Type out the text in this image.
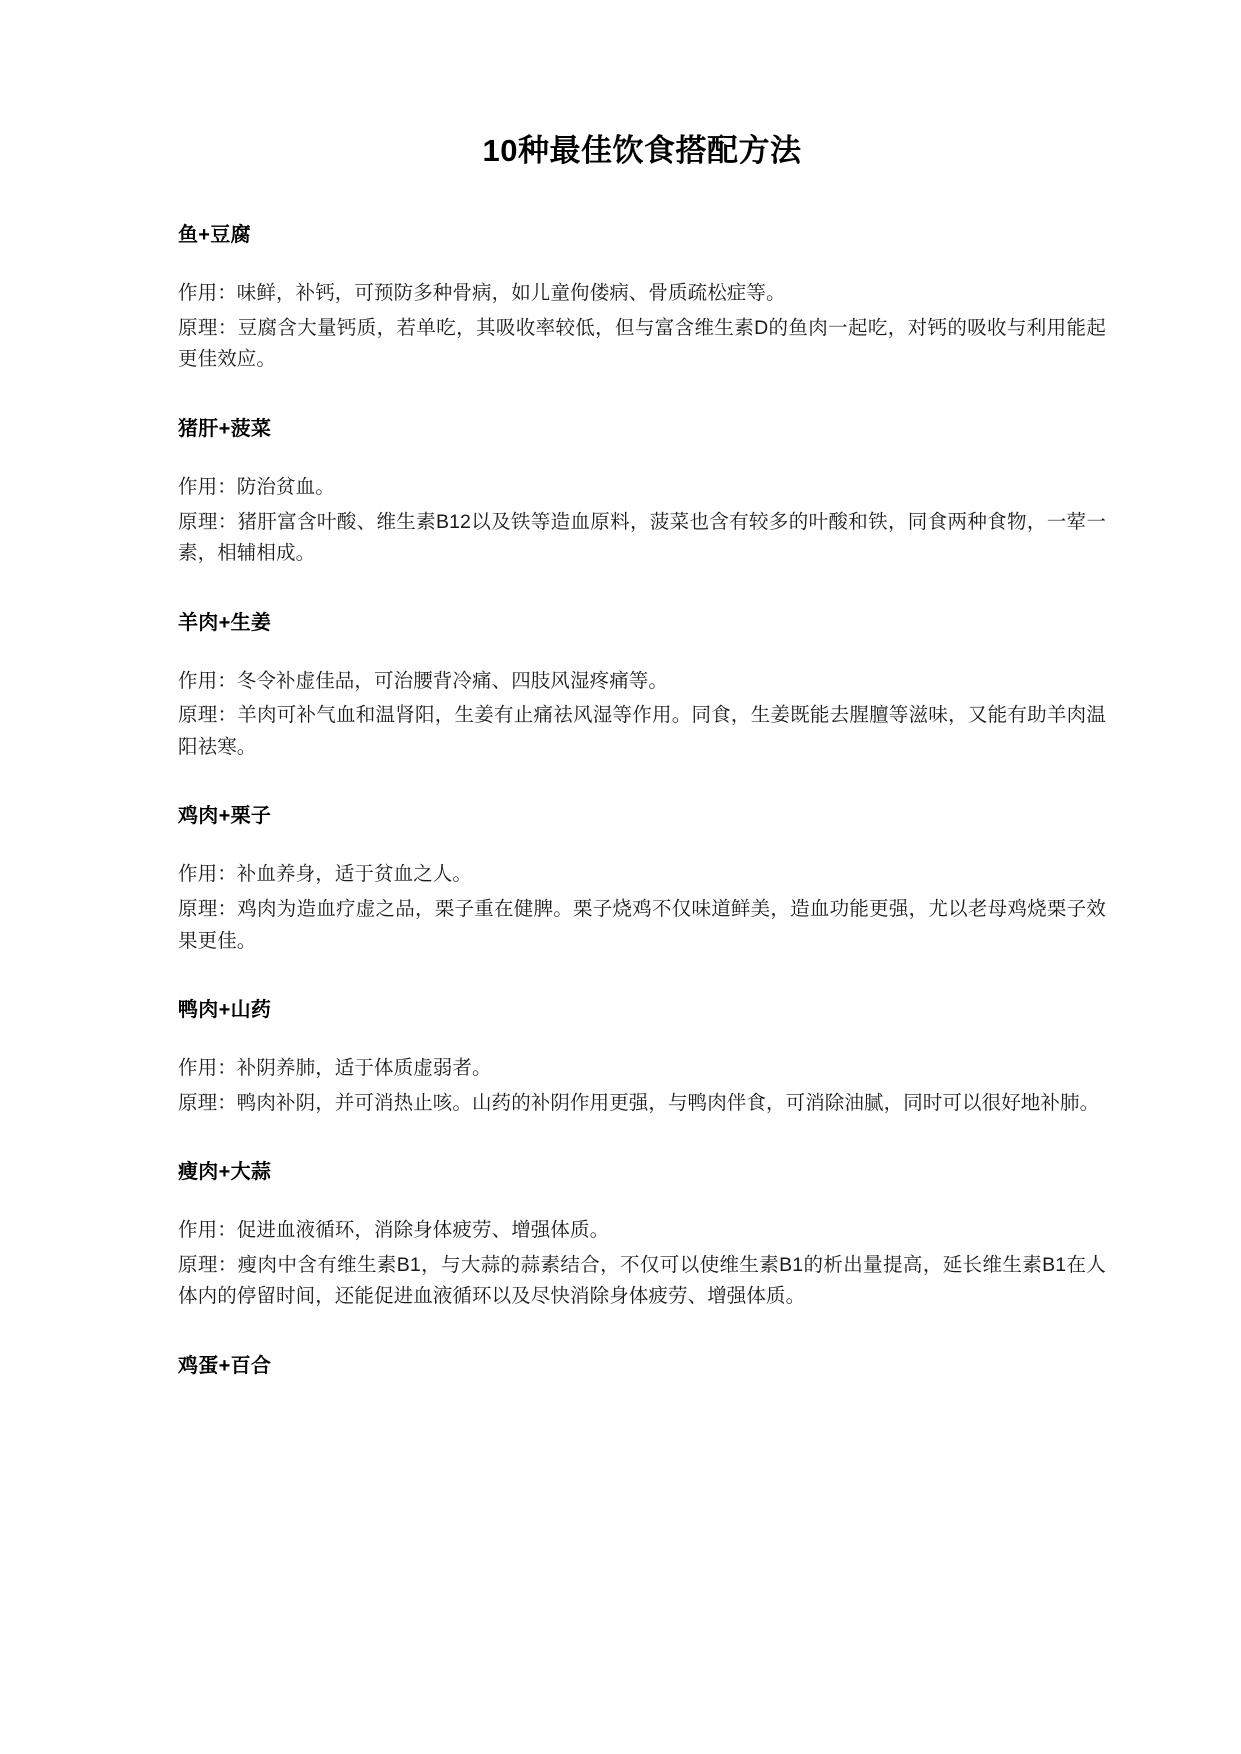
10种最佳饮食搭配方法
鱼+豆腐

作用：味鲜，补钙，可预防多种骨病，如儿童佝偻病、骨质疏松症等。

原理：豆腐含大量钙质，若单吃，其吸收率较低，但与富含维生素D的鱼肉一起吃，对钙的吸收与利用能起更佳效应。

猪肝+菠菜

作用：防治贫血。

原理：猪肝富含叶酸、维生素B12以及铁等造血原料，菠菜也含有较多的叶酸和铁，同食两种食物，一荤一素，相辅相成。

羊肉+生姜

作用：冬令补虚佳品，可治腰背冷痛、四肢风湿疼痛等。

原理：羊肉可补气血和温肾阳，生姜有止痛祛风湿等作用。同食，生姜既能去腥膻等滋味，又能有助羊肉温阳祛寒。

鸡肉+栗子

作用：补血养身，适于贫血之人。

原理：鸡肉为造血疗虚之品，栗子重在健脾。栗子烧鸡不仅味道鲜美，造血功能更强，尤以老母鸡烧栗子效果更佳。

鸭肉+山药

作用：补阴养肺，适于体质虚弱者。

原理：鸭肉补阴，并可消热止咳。山药的补阴作用更强，与鸭肉伴食，可消除油腻，同时可以很好地补肺。

瘦肉+大蒜

作用：促进血液循环，消除身体疲劳、增强体质。

原理：瘦肉中含有维生素B1，与大蒜的蒜素结合，不仅可以使维生素B1的析出量提高，延长维生素B1在人体内的停留时间，还能促进血液循环以及尽快消除身体疲劳、增强体质。

鸡蛋+百合
